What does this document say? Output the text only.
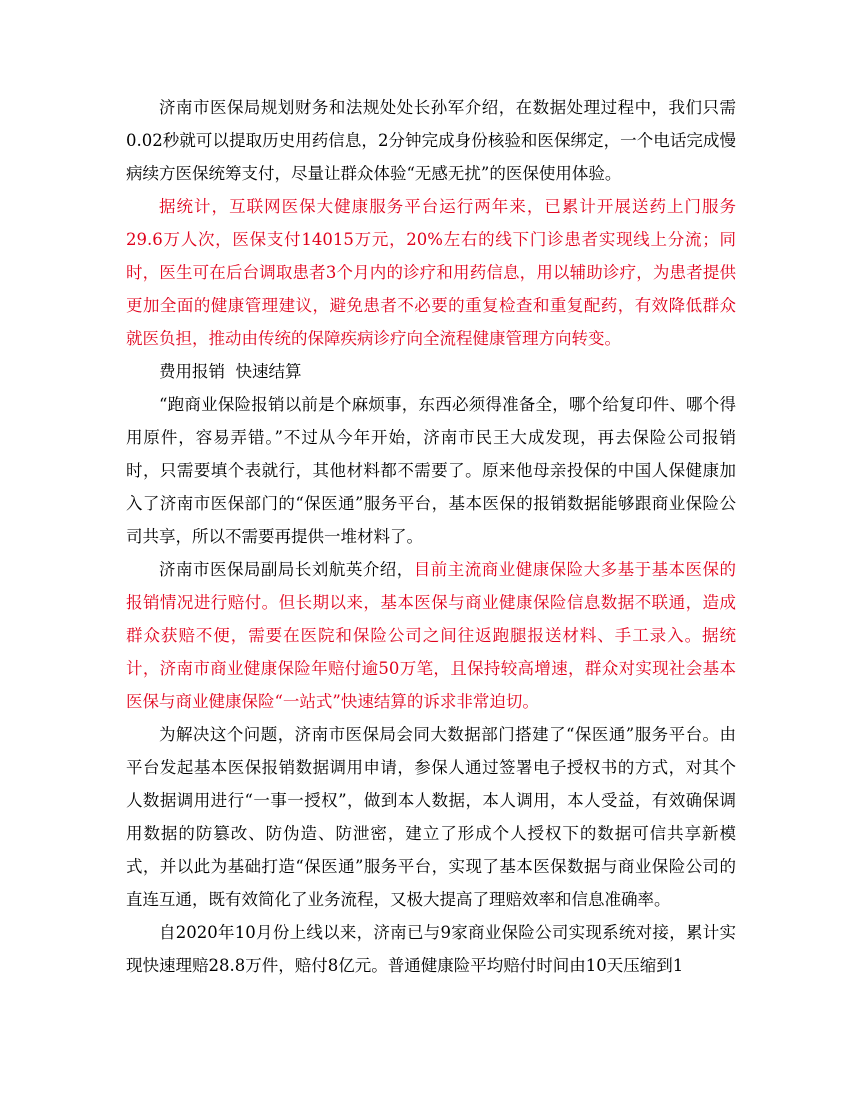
济南市医保局规划财务和法规处处长孙军介绍，在数据处理过程中，我们只需0.02秒就可以提取历史用药信息，2分钟完成身份核验和医保绑定，一个电话完成慢病续方医保统筹支付，尽量让群众体验“无感无扰”的医保使用体验。

据统计，互联网医保大健康服务平台运行两年来，已累计开展送药上门服务29.6万人次，医保支付14015万元，20%左右的线下门诊患者实现线上分流；同时，医生可在后台调取患者3个月内的诊疗和用药信息，用以辅助诊疗，为患者提供更加全面的健康管理建议，避免患者不必要的重复检查和重复配药，有效降低群众就医负担，推动由传统的保障疾病诊疗向全流程健康管理方向转变。

费用报销  快速结算

“跑商业保险报销以前是个麻烦事，东西必须得准备全，哪个给复印件、哪个得用原件，容易弄错。”不过从今年开始，济南市民王大成发现，再去保险公司报销时，只需要填个表就行，其他材料都不需要了。原来他母亲投保的中国人保健康加入了济南市医保部门的“保医通”服务平台，基本医保的报销数据能够跟商业保险公司共享，所以不需要再提供一堆材料了。

济南市医保局副局长刘航英介绍，目前主流商业健康保险大多基于基本医保的报销情况进行赔付。但长期以来，基本医保与商业健康保险信息数据不联通，造成群众获赔不便，需要在医院和保险公司之间往返跑腿报送材料、手工录入。据统计，济南市商业健康保险年赔付逾50万笔，且保持较高增速，群众对实现社会基本医保与商业健康保险“一站式”快速结算的诉求非常迫切。

为解决这个问题，济南市医保局会同大数据部门搭建了“保医通”服务平台。由平台发起基本医保报销数据调用申请，参保人通过签署电子授权书的方式，对其个人数据调用进行“一事一授权”，做到本人数据，本人调用，本人受益，有效确保调用数据的防篡改、防伪造、防泄密，建立了形成个人授权下的数据可信共享新模式，并以此为基础打造“保医通”服务平台，实现了基本医保数据与商业保险公司的直连互通，既有效简化了业务流程，又极大提高了理赔效率和信息准确率。

自2020年10月份上线以来，济南已与9家商业保险公司实现系统对接，累计实现快速理赔28.8万件，赔付8亿元。普通健康险平均赔付时间由10天压缩到1
